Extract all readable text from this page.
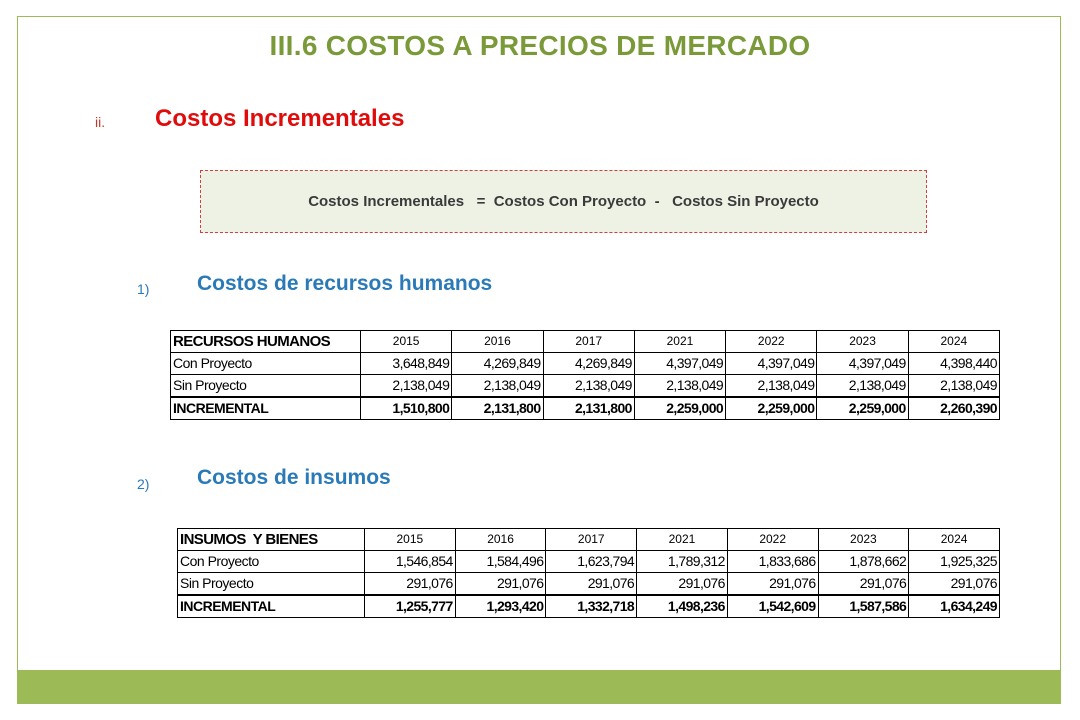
III.6 COSTOS A PRECIOS DE MERCADO
ii. Costos Incrementales
Costos Incrementales
=
Costos Con Proyecto
-
Costos Sin Proyecto
1) Costos de recursos humanos
RECURSOS HUMANOS	2015	2016	2017	2021	2022	2023	2024
Con Proyecto	3,648,849	4,269,849	4,269,849	4,397,049	4,397,049	4,397,049	4,398,440
Sin Proyecto	2,138,049	2,138,049	2,138,049	2,138,049	2,138,049	2,138,049	2,138,049
INCREMENTAL	1,510,800	2,131,800	2,131,800	2,259,000	2,259,000	2,259,000	2,260,390
2) Costos de insumos
INSUMOS  Y BIENES	2015	2016	2017	2021	2022	2023	2024
Con Proyecto	1,546,854	1,584,496	1,623,794	1,789,312	1,833,686	1,878,662	1,925,325
Sin Proyecto	291,076	291,076	291,076	291,076	291,076	291,076	291,076
INCREMENTAL	1,255,777	1,293,420	1,332,718	1,498,236	1,542,609	1,587,586	1,634,249
